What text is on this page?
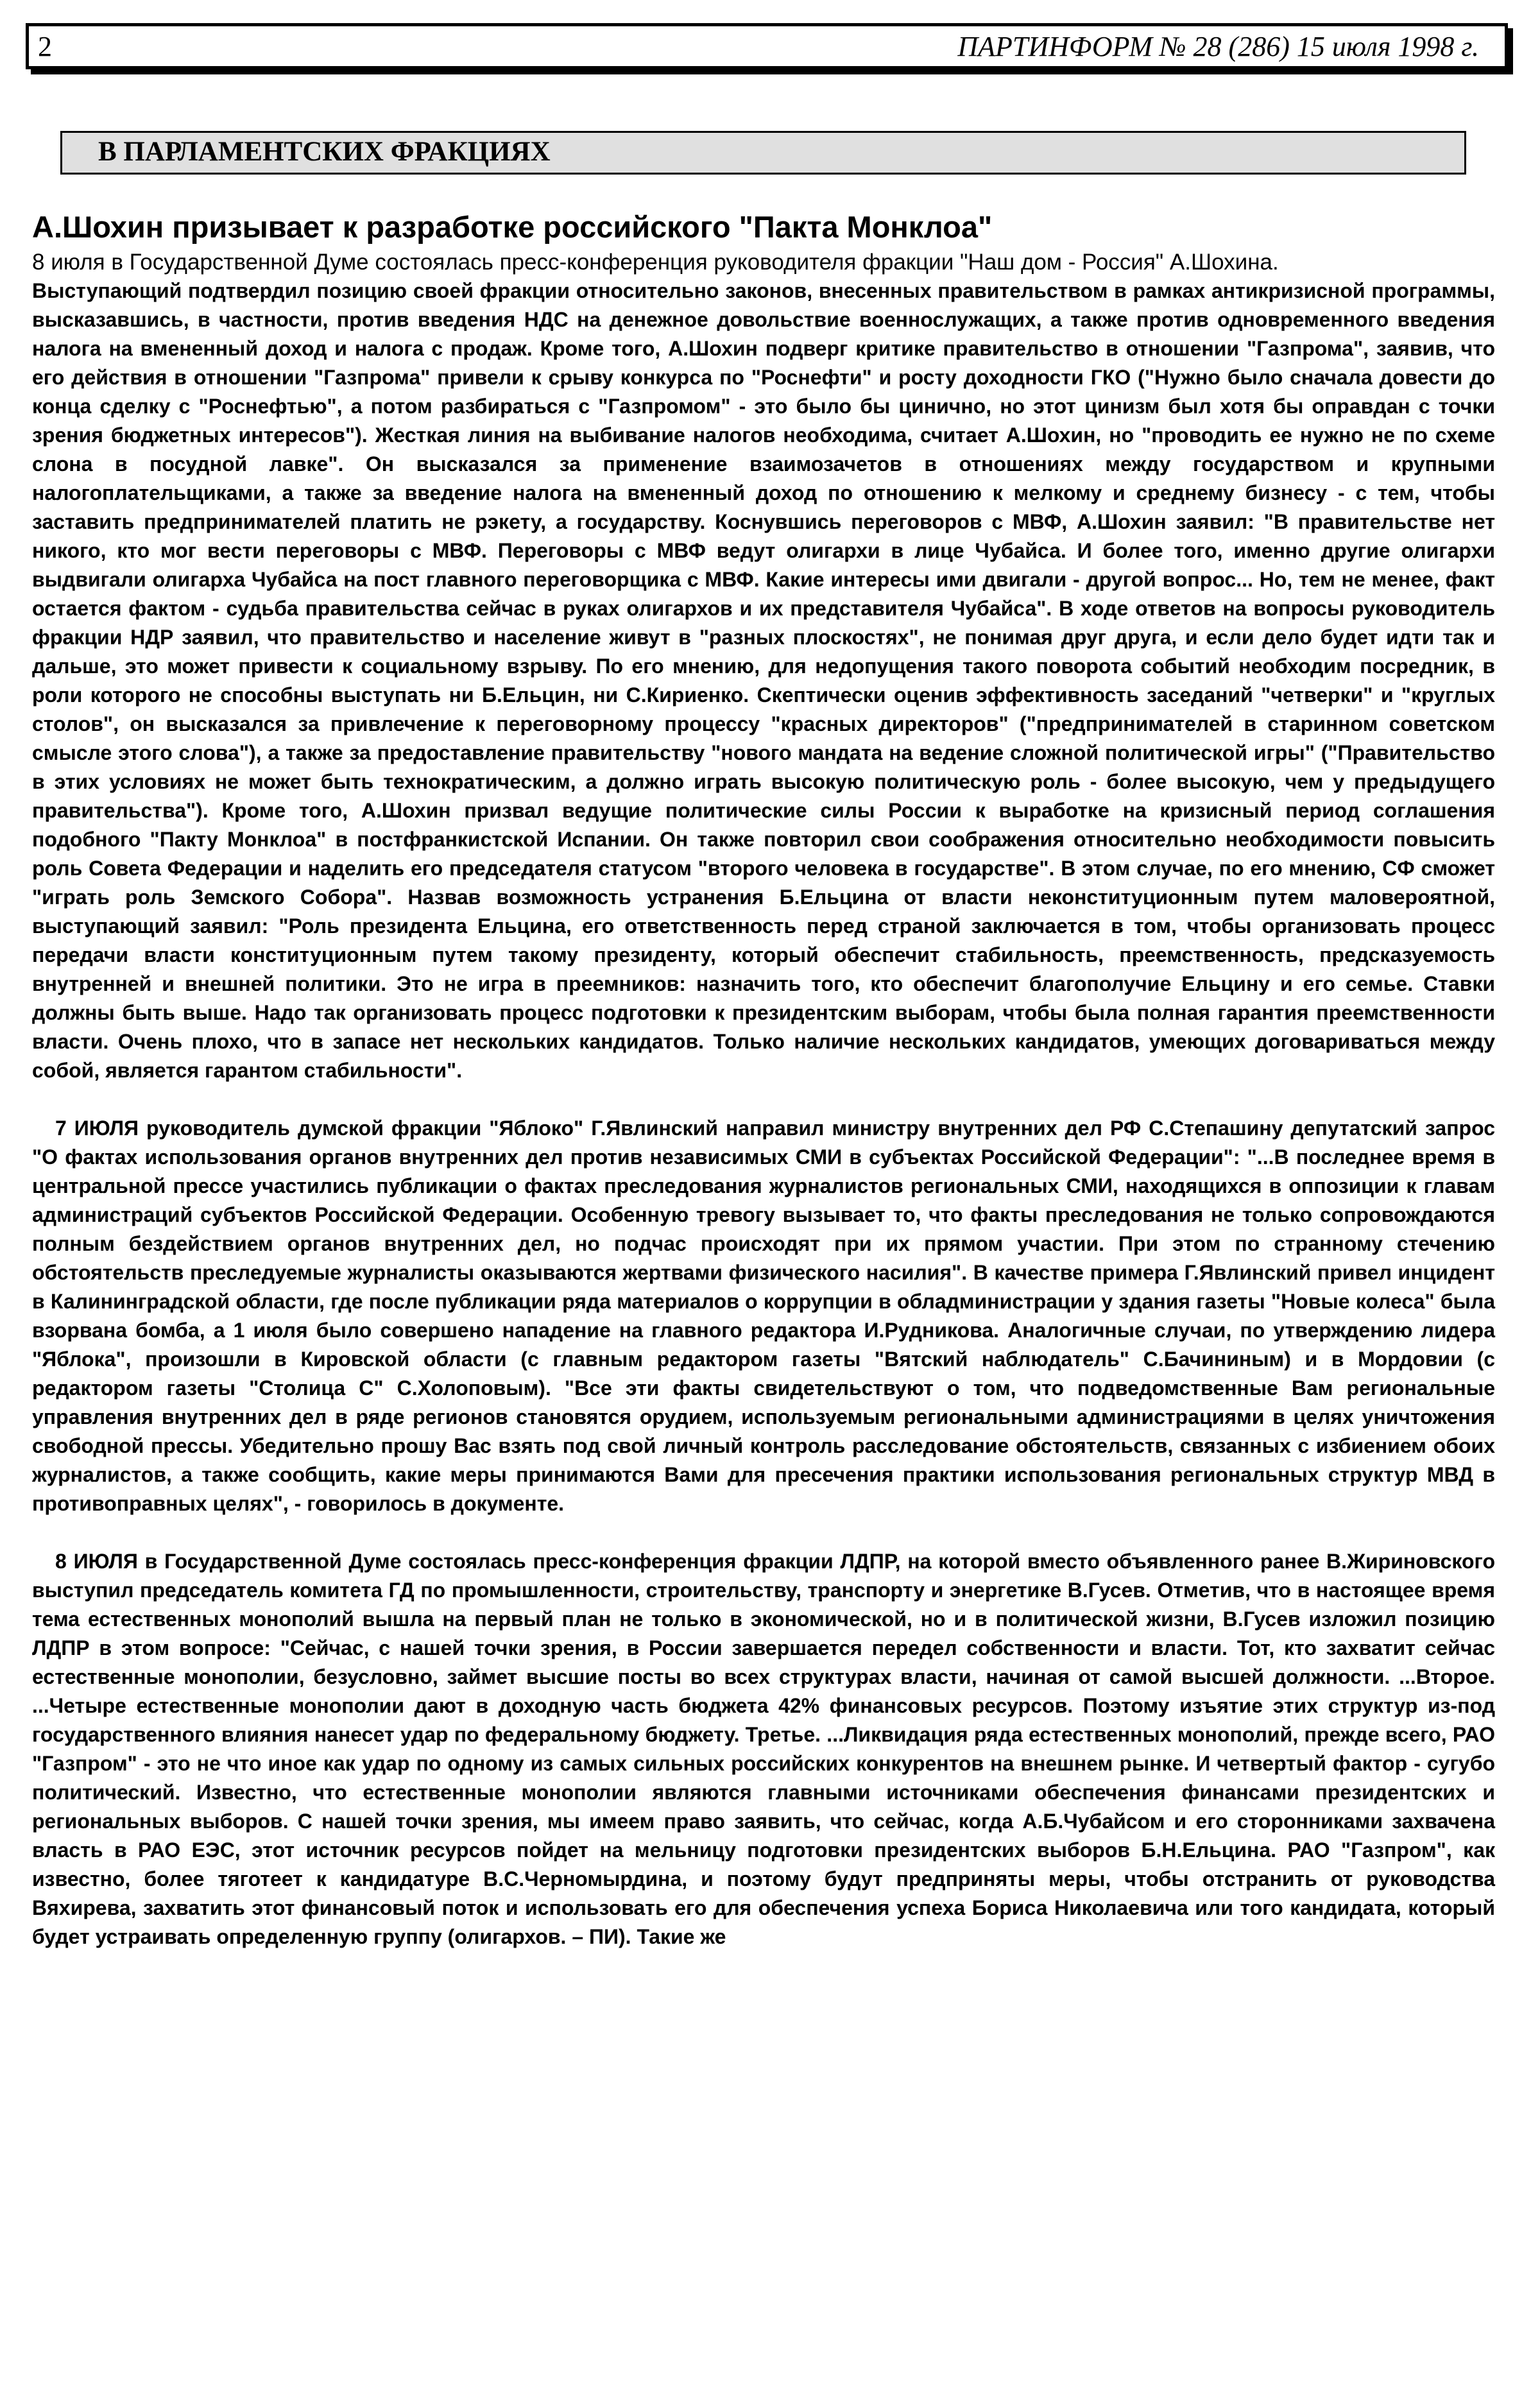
2	ПАРТИНФОРМ № 28 (286) 15 июля 1998 г.
В ПАРЛАМЕНТСКИХ ФРАКЦИЯХ

А.Шохин призывает к разработке российского "Пакта Монклоа"

8 июля в Государственной Думе состоялась пресс-конференция руководителя фракции "Наш дом - Россия" А.Шохина.

Выступающий подтвердил позицию своей фракции относительно законов, внесенных правительством в рамках антикризисной программы, высказавшись, в частности, против введения НДС на денежное довольствие военнослужащих, а также против одновременного введения налога на вмененный доход и налога с продаж. Кроме того, А.Шохин подверг критике правительство в отношении "Газпрома", заявив, что его действия в отношении "Газпрома" привели к срыву конкурса по "Роснефти" и росту доходности ГКО ("Нужно было сначала довести до конца сделку с "Роснефтью", а потом разбираться с "Газпромом" - это было бы цинично, но этот цинизм был хотя бы оправдан с точки зрения бюджетных интересов"). Жесткая линия на выбивание налогов необходима, считает А.Шохин, но "проводить ее нужно не по схеме слона в посудной лавке". Он высказался за применение взаимозачетов в отношениях между государством и крупными налогоплательщиками, а также за введение налога на вмененный доход по отношению к мелкому и среднему бизнесу - с тем, чтобы заставить предпринимателей платить не рэкету, а государству. Коснувшись переговоров с МВФ, А.Шохин заявил: "В правительстве нет никого, кто мог вести переговоры с МВФ. Переговоры с МВФ ведут олигархи в лице Чубайса. И более того, именно другие олигархи выдвигали олигарха Чубайса на пост главного переговорщика с МВФ. Какие интересы ими двигали - другой вопрос... Но, тем не менее, факт остается фактом - судьба правительства сейчас в руках олигархов и их представителя Чубайса". В ходе ответов на вопросы руководитель фракции НДР заявил, что правительство и население живут в "разных плоскостях", не понимая друг друга, и если дело будет идти так и дальше, это может привести к социальному взрыву. По его мнению, для недопущения такого поворота событий необходим посредник, в роли которого не способны выступать ни Б.Ельцин, ни С.Кириенко. Скептически оценив эффективность заседаний "четверки" и "круглых столов", он высказался за привлечение к переговорному процессу "красных директоров" ("предпринимателей в старинном советском смысле этого слова"), а также за предоставление правительству "нового мандата на ведение сложной политической игры" ("Правительство в этих условиях не может быть технократическим, а должно играть высокую политическую роль - более высокую, чем у предыдущего правительства"). Кроме того, А.Шохин призвал ведущие политические силы России к выработке на кризисный период соглашения подобного "Пакту Монклоа" в постфранкистской Испании. Он также повторил свои соображения относительно необходимости повысить роль Совета Федерации и наделить его председателя статусом "второго человека в государстве". В этом случае, по его мнению, СФ сможет "играть роль Земского Собора". Назвав возможность устранения Б.Ельцина от власти неконституционным путем маловероятной, выступающий заявил: "Роль президента Ельцина, его ответственность перед страной заключается в том, чтобы организовать процесс передачи власти конституционным путем такому президенту, который обеспечит стабильность, преемственность, предсказуемость внутренней и внешней политики. Это не игра в преемников: назначить того, кто обеспечит благополучие Ельцину и его семье. Ставки должны быть выше. Надо так организовать процесс подготовки к президентским выборам, чтобы была полная гарантия преемственности власти. Очень плохо, что в запасе нет нескольких кандидатов. Только наличие нескольких кандидатов, умеющих договариваться между собой, является гарантом стабильности".

7 ИЮЛЯ руководитель думской фракции "Яблоко" Г.Явлинский направил министру внутренних дел РФ С.Степашину депутатский запрос "О фактах использования органов внутренних дел против независимых СМИ в субъектах Российской Федерации": "...В последнее время в центральной прессе участились публикации о фактах преследования журналистов региональных СМИ, находящихся в оппозиции к главам администраций субъектов Российской Федерации. Особенную тревогу вызывает то, что факты преследования не только сопровождаются полным бездействием органов внутренних дел, но подчас происходят при их прямом участии. При этом по странному стечению обстоятельств преследуемые журналисты оказываются жертвами физического насилия". В качестве примера Г.Явлинский привел инцидент в Калининградской области, где после публикации ряда материалов о коррупции в обладминистрации у здания газеты "Новые колеса" была взорвана бомба, а 1 июля было совершено нападение на главного редактора И.Рудникова. Аналогичные случаи, по утверждению лидера "Яблока", произошли в Кировской области (с главным редактором газеты "Вятский наблюдатель" С.Бачининым) и в Мордовии (с редактором газеты "Столица С" С.Холоповым). "Все эти факты свидетельствуют о том, что подведомственные Вам региональные управления внутренних дел в ряде регионов становятся орудием, используемым региональными администрациями в целях уничтожения свободной прессы. Убедительно прошу Вас взять под свой личный контроль расследование обстоятельств, связанных с избиением обоих журналистов, а также сообщить, какие меры принимаются Вами для пресечения практики использования региональных структур МВД в противоправных целях", - говорилось в документе.

8 ИЮЛЯ в Государственной Думе состоялась пресс-конференция фракции ЛДПР, на которой вместо объявленного ранее В.Жириновского выступил председатель комитета ГД по промышленности, строительству, транспорту и энергетике В.Гусев. Отметив, что в настоящее время тема естественных монополий вышла на первый план не только в экономической, но и в политической жизни, В.Гусев изложил позицию ЛДПР в этом вопросе: "Сейчас, с нашей точки зрения, в России завершается передел собственности и власти. Тот, кто захватит сейчас естественные монополии, безусловно, займет высшие посты во всех структурах власти, начиная от самой высшей должности. ...Второе. ...Четыре естественные монополии дают в доходную часть бюджета 42% финансовых ресурсов. Поэтому изъятие этих структур из-под государственного влияния нанесет удар по федеральному бюджету. Третье. ...Ликвидация ряда естественных монополий, прежде всего, РАО "Газпром" - это не что иное как удар по одному из самых сильных российских конкурентов на внешнем рынке. И четвертый фактор - сугубо политический. Известно, что естественные монополии являются главными источниками обеспечения финансами президентских и региональных выборов. С нашей точки зрения, мы имеем право заявить, что сейчас, когда А.Б.Чубайсом и его сторонниками захвачена власть в РАО ЕЭС, этот источник ресурсов пойдет на мельницу подготовки президентских выборов Б.Н.Ельцина. РАО "Газпром", как известно, более тяготеет к кандидатуре В.С.Черномырдина, и поэтому будут предприняты меры, чтобы отстранить от руководства Вяхирева, захватить этот финансовый поток и использовать его для обеспечения успеха Бориса Николаевича или того кандидата, который будет устраивать определенную группу (олигархов. – ПИ). Такие же
